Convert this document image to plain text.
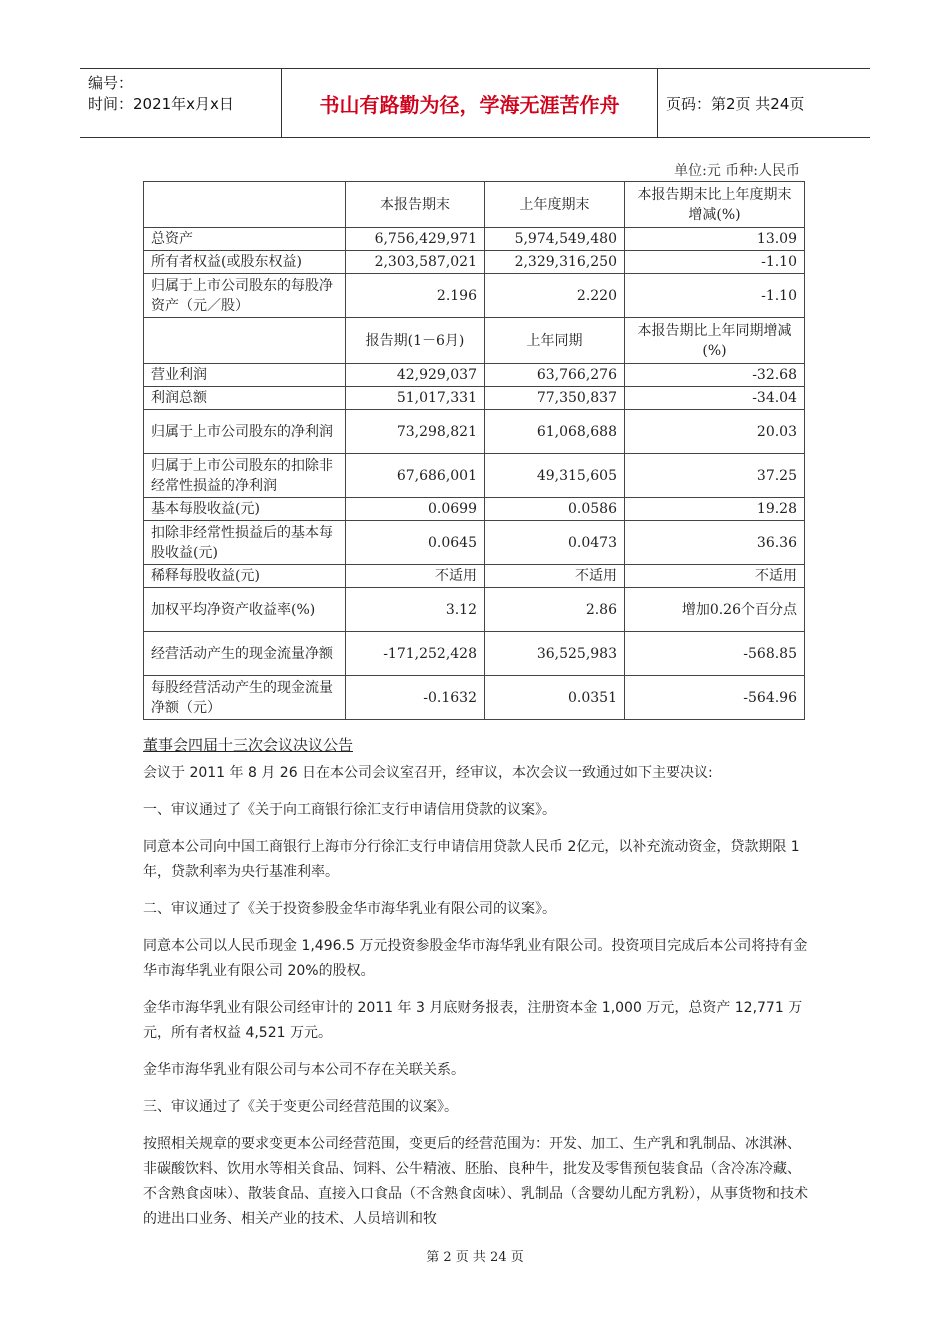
编号：
时间：2021年x月x日	书山有路勤为径，学海无涯苦作舟	页码：第2页 共24页
单位:元 币种:人民币
	本报告期末	上年度期末	本报告期末比上年度期末增减(%)
总资产	6,756,429,971	5,974,549,480	13.09
所有者权益(或股东权益)	2,303,587,021	2,329,316,250	-1.10
归属于上市公司股东的每股净资产（元／股）	2.196	2.220	-1.10
	报告期(1－6月)	上年同期	本报告期比上年同期增减(%)
营业利润	42,929,037	63,766,276	-32.68
利润总额	51,017,331	77,350,837	-34.04
归属于上市公司股东的净利润	73,298,821	61,068,688	20.03
归属于上市公司股东的扣除非经常性损益的净利润	67,686,001	49,315,605	37.25
基本每股收益(元)	0.0699	0.0586	19.28
扣除非经常性损益后的基本每股收益(元)	0.0645	0.0473	36.36
稀释每股收益(元)	不适用	不适用	不适用
加权平均净资产收益率(%)	3.12	2.86	增加0.26个百分点
经营活动产生的现金流量净额	-171,252,428	36,525,983	-568.85
每股经营活动产生的现金流量净额（元）	-0.1632	0.0351	-564.96
董事会四届十三次会议决议公告

会议于 2011 年 8 月 26 日在本公司会议室召开，经审议，本次会议一致通过如下主要决议:

一、审议通过了《关于向工商银行徐汇支行申请信用贷款的议案》。

同意本公司向中国工商银行上海市分行徐汇支行申请信用贷款人民币 2亿元，以补充流动资金，贷款期限 1 年，贷款利率为央行基准利率。

二、审议通过了《关于投资参股金华市海华乳业有限公司的议案》。

同意本公司以人民币现金 1,496.5 万元投资参股金华市海华乳业有限公司。投资项目完成后本公司将持有金华市海华乳业有限公司 20%的股权。

金华市海华乳业有限公司经审计的 2011 年 3 月底财务报表，注册资本金 1,000 万元，总资产 12,771 万元，所有者权益 4,521 万元。

金华市海华乳业有限公司与本公司不存在关联关系。

三、审议通过了《关于变更公司经营范围的议案》。

按照相关规章的要求变更本公司经营范围，变更后的经营范围为：开发、加工、生产乳和乳制品、冰淇淋、非碳酸饮料、饮用水等相关食品、饲料、公牛精液、胚胎、良种牛，批发及零售预包装食品（含冷冻冷藏、不含熟食卤味）、散装食品、直接入口食品（不含熟食卤味）、乳制品（含婴幼儿配方乳粉），从事货物和技术的进出口业务、相关产业的技术、人员培训和牧

第 2 页 共 24 页
